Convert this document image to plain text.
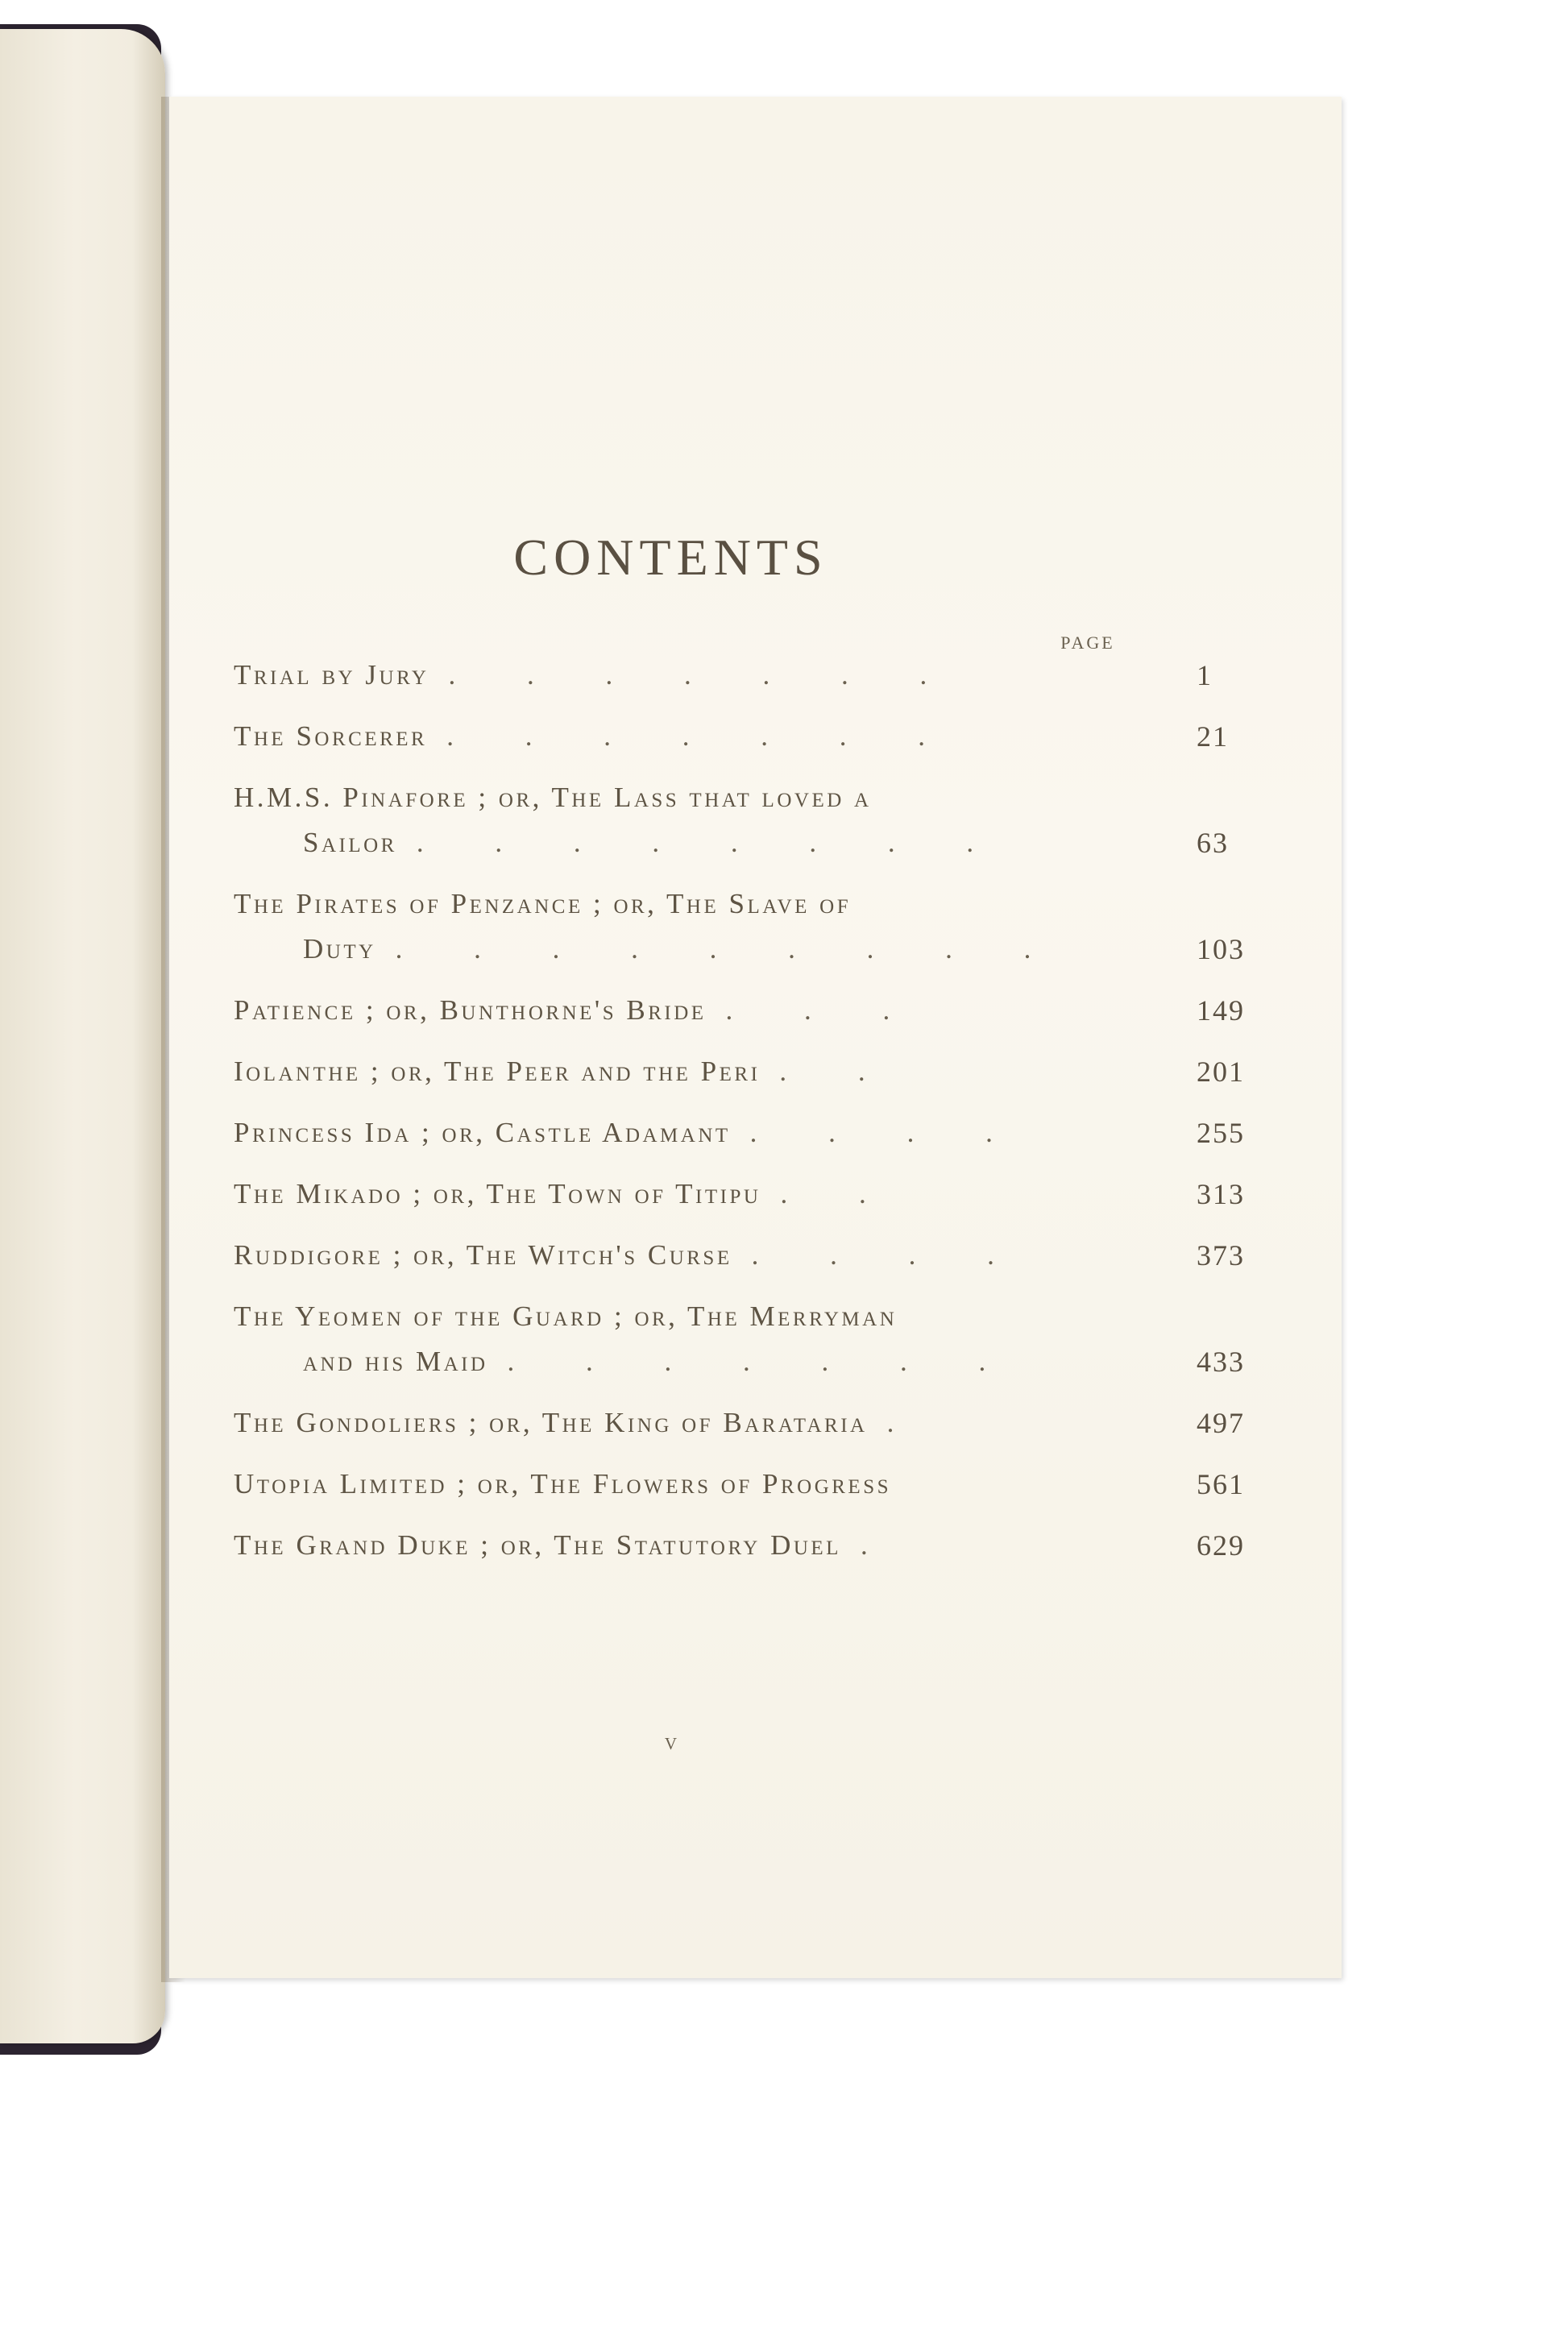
CONTENTS
PAGE
Trial by Jury . . . . . . .	1
The Sorcerer . . . . . . .	21
H.M.S. Pinafore ; or, The Lass that loved a
Sailor . . . . . . . .	63
The Pirates of Penzance ; or, The Slave of
Duty . . . . . . . . .	103
Patience ; or, Bunthorne's Bride . . .	149
Iolanthe ; or, The Peer and the Peri . .	201
Princess Ida ; or, Castle Adamant . . . .	255
The Mikado ; or, The Town of Titipu . .	313
Ruddigore ; or, The Witch's Curse . . . .	373
The Yeomen of the Guard ; or, The Merryman
and his Maid . . . . . . .	433
The Gondoliers ; or, The King of Barataria .	497
Utopia Limited ; or, The Flowers of Progress	561
The Grand Duke ; or, The Statutory Duel .	629
v
